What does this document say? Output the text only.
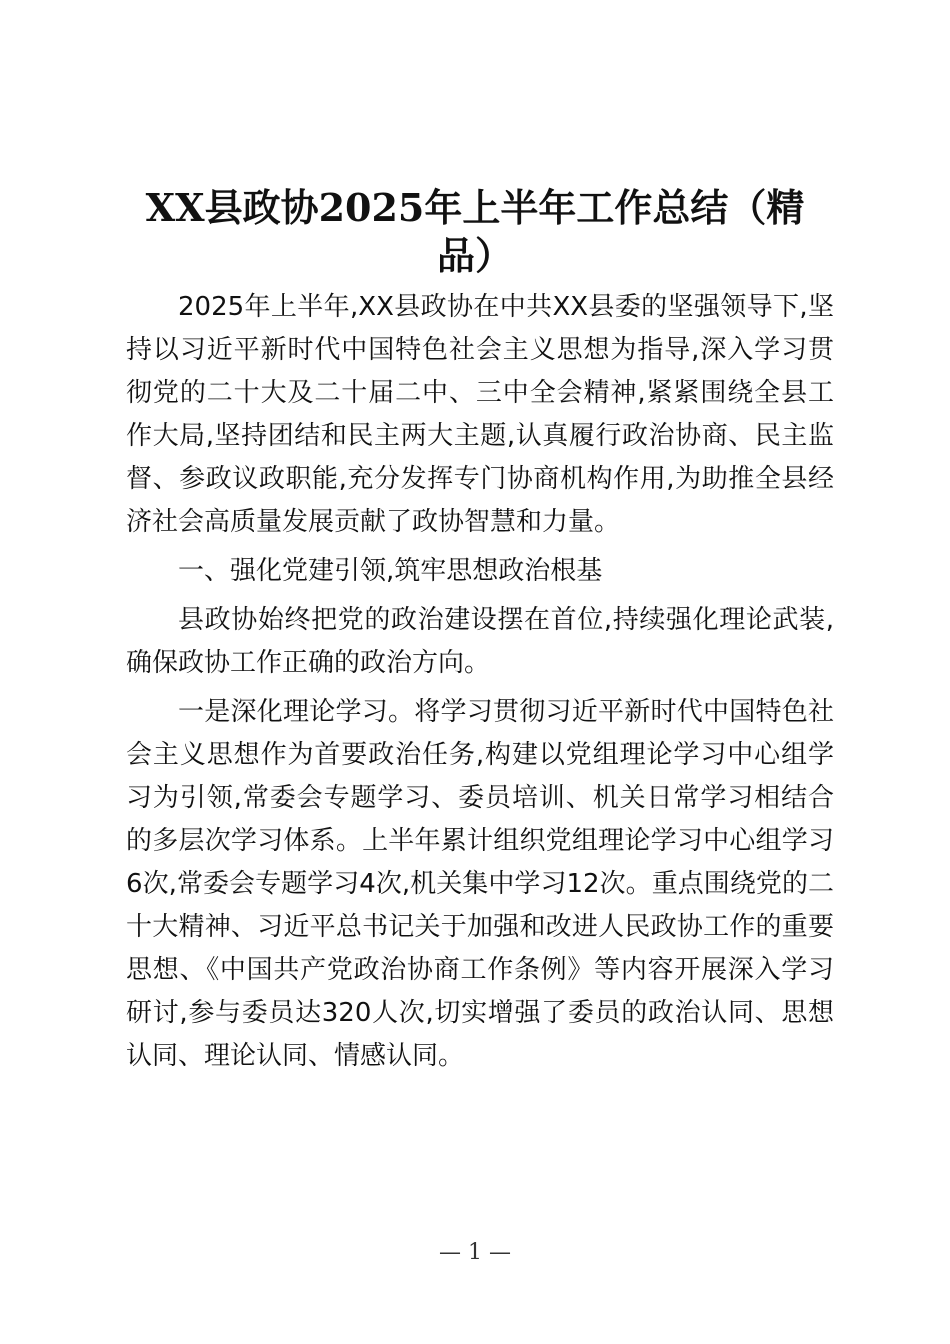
XX县政协2025年上半年工作总结（精品）

2025年上半年,XX县政协在中共XX县委的坚强领导下,坚持以习近平新时代中国特色社会主义思想为指导,深入学习贯彻党的二十大及二十届二中、三中全会精神,紧紧围绕全县工作大局,坚持团结和民主两大主题,认真履行政治协商、民主监督、参政议政职能,充分发挥专门协商机构作用,为助推全县经济社会高质量发展贡献了政协智慧和力量。

一、强化党建引领,筑牢思想政治根基

县政协始终把党的政治建设摆在首位,持续强化理论武装,确保政协工作正确的政治方向。

一是深化理论学习。将学习贯彻习近平新时代中国特色社会主义思想作为首要政治任务,构建以党组理论学习中心组学习为引领,常委会专题学习、委员培训、机关日常学习相结合的多层次学习体系。上半年累计组织党组理论学习中心组学习6次,常委会专题学习4次,机关集中学习12次。重点围绕党的二十大精神、习近平总书记关于加强和改进人民政协工作的重要思想、《中国共产党政治协商工作条例》等内容开展深入学习研讨,参与委员达320人次,切实增强了委员的政治认同、思想认同、理论认同、情感认同。

— 1 —
